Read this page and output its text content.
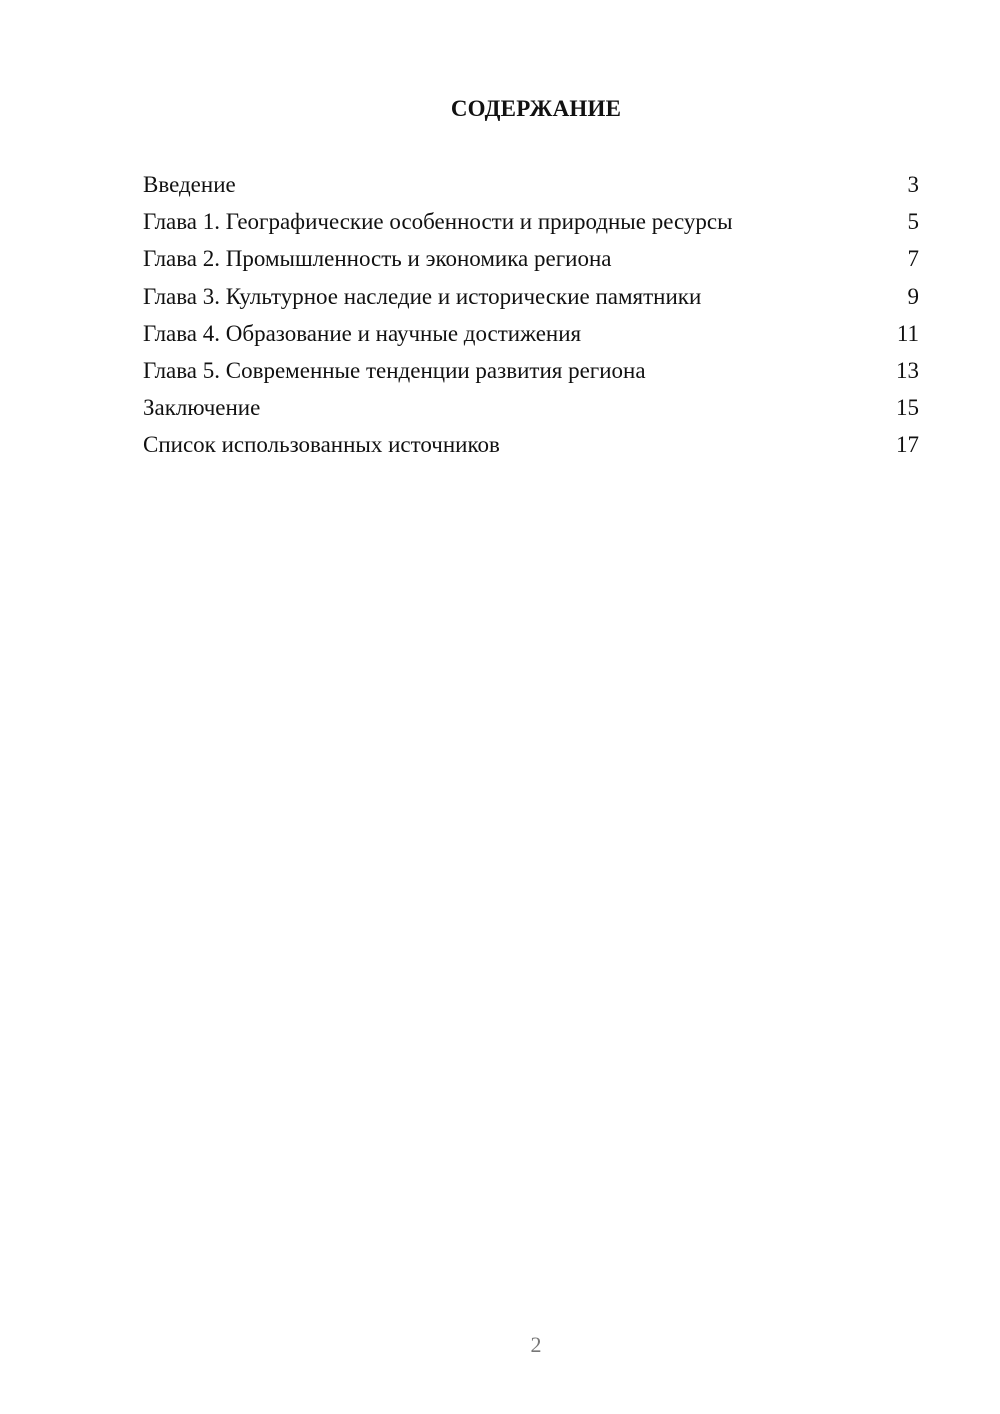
СОДЕРЖАНИЕ
Введение	3
Глава 1. Географические особенности и природные ресурсы	5
Глава 2. Промышленность и экономика региона	7
Глава 3. Культурное наследие и исторические памятники	9
Глава 4. Образование и научные достижения	11
Глава 5. Современные тенденции развития региона	13
Заключение	15
Список использованных источников	17
2
